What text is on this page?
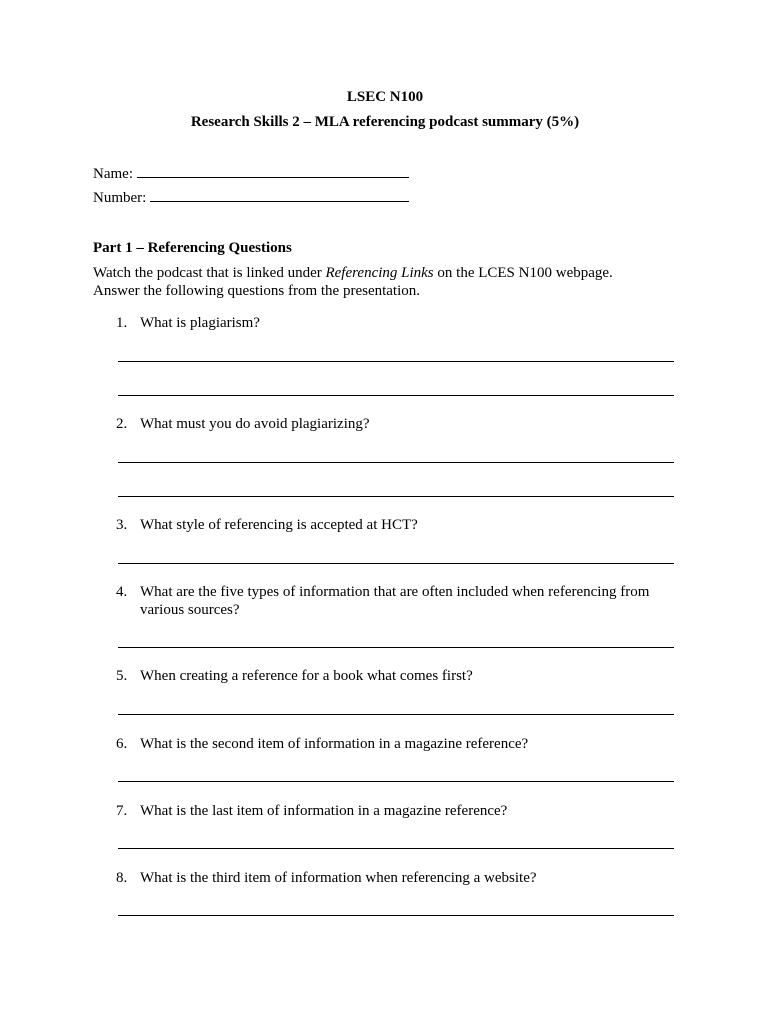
LSEC N100
Research Skills 2 – MLA referencing podcast summary (5%)
Name:
Number:
Part 1 – Referencing Questions

Watch the podcast that is linked under Referencing Links on the LCES N100 webpage.

Answer the following questions from the presentation.

1. What is plagiarism?
2. What must you do avoid plagiarizing?
3. What style of referencing is accepted at HCT?
4. What are the five types of information that are often included when referencing from various sources?
5. When creating a reference for a book what comes first?
6. What is the second item of information in a magazine reference?
7. What is the last item of information in a magazine reference?
8. What is the third item of information when referencing a website?
